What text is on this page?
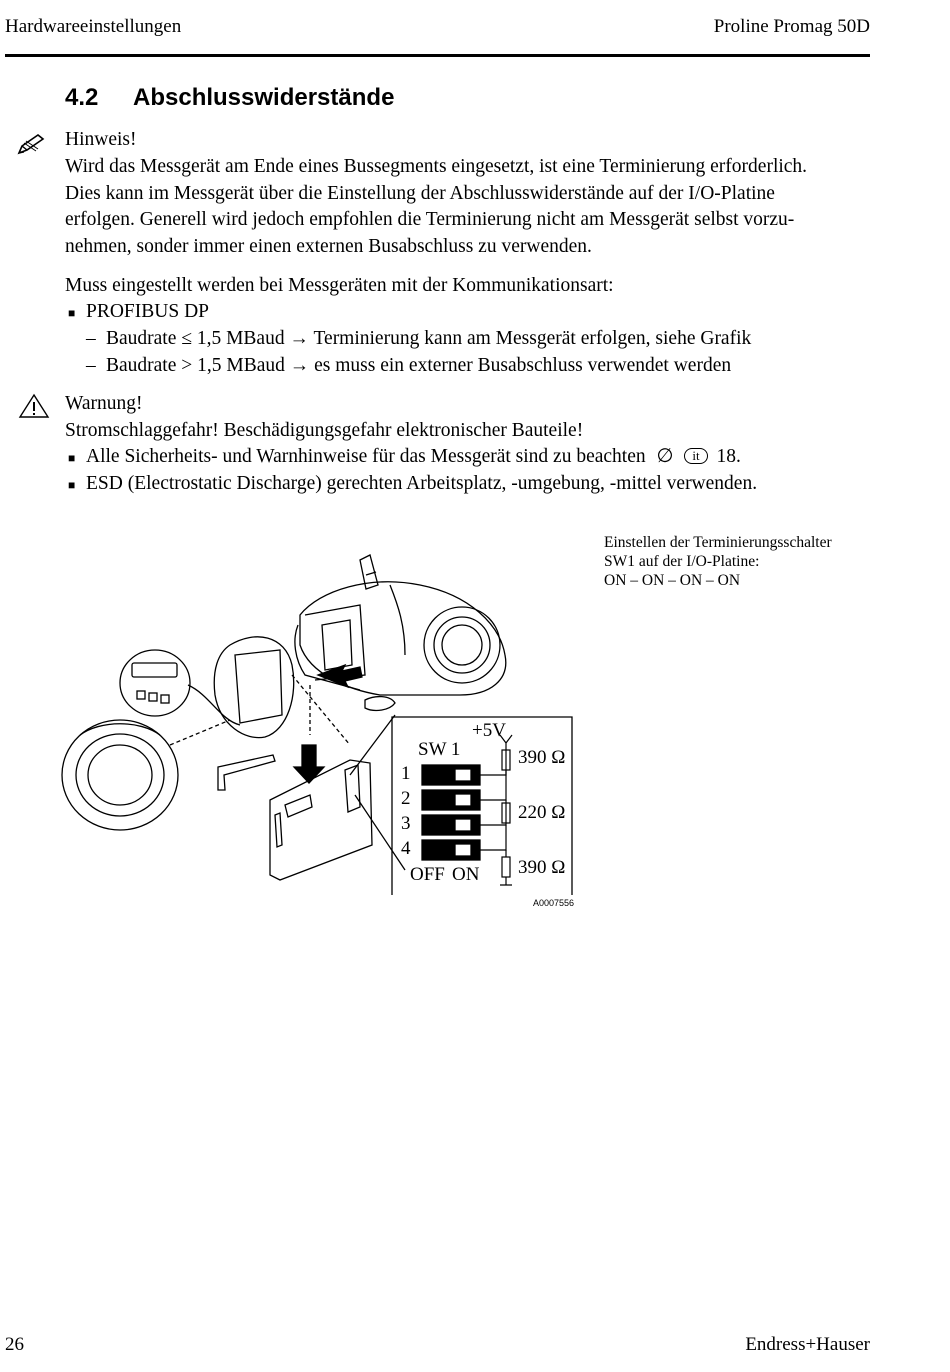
Hardwareeinstellungen	Proline Promag 50D
4.2 Abschlusswiderstände
Hinweis!
Wird das Messgerät am Ende eines Bussegments eingesetzt, ist eine Terminierung erforderlich.
Dies kann im Messgerät über die Einstellung der Abschlusswiderstände auf der I/O-Platine
erfolgen. Generell wird jedoch empfohlen die Terminierung nicht am Messgerät selbst vorzu-
nehmen, sonder immer einen externen Busabschluss zu verwenden.
Muss eingestellt werden bei Messgeräten mit der Kommunikationsart:
■ PROFIBUS DP
– Baudrate ≤ 1,5 MBaud → Terminierung kann am Messgerät erfolgen, siehe Grafik
– Baudrate > 1,5 MBaud → es muss ein externer Busabschluss verwendet werden
Warnung!
Stromschlaggefahr! Beschädigungsgefahr elektronischer Bauteile!
■ Alle Sicherheits- und Warnhinweise für das Messgerät sind zu beachten ∅ it 18.
■ ESD (Electrostatic Discharge) gerechten Arbeitsplatz, -umgebung, -mittel verwenden.
Einstellen der Terminierungsschalter
SW1 auf der I/O-Platine:
ON – ON – ON – ON
+5V
SW 1
1
2
3
4
OFF ON
390 Ω
220 Ω
390 Ω
A0007556
26	Endress+Hauser
